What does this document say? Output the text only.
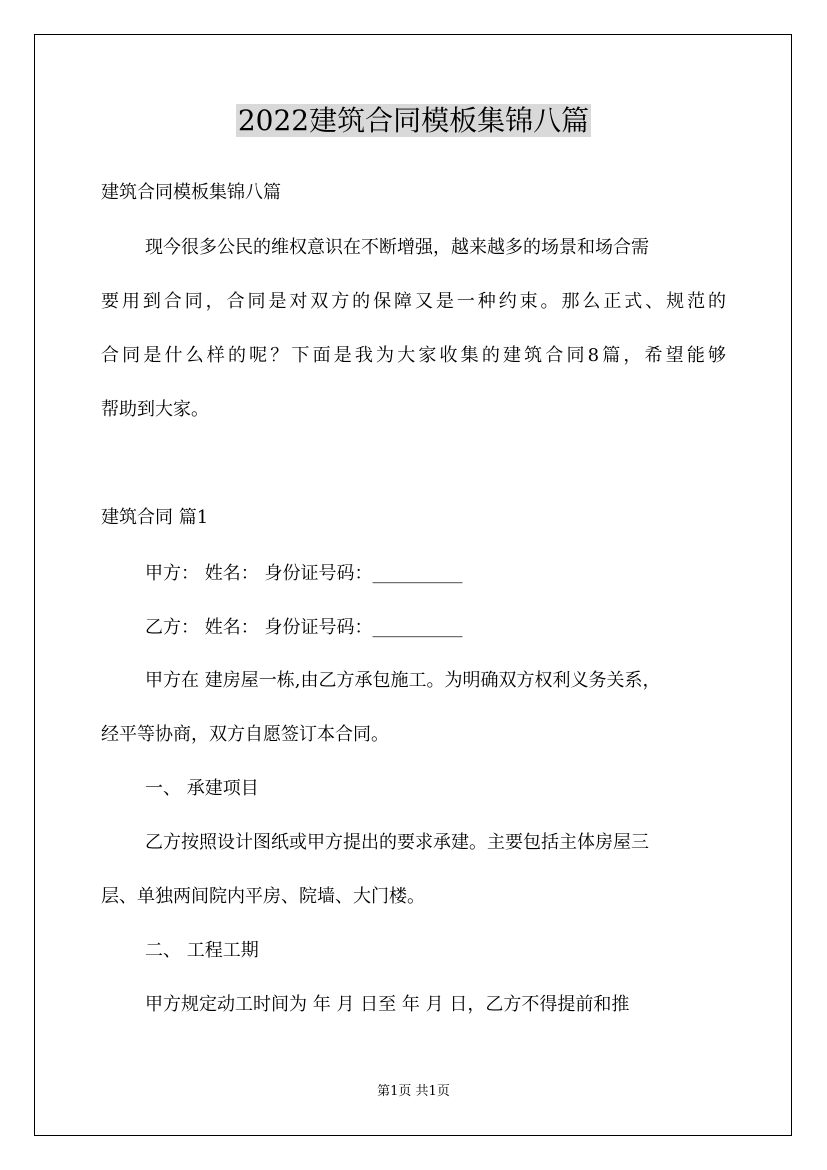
2022建筑合同模板集锦八篇
建筑合同模板集锦八篇
现今很多公民的维权意识在不断增强，越来越多的场景和场合需
要用到合同，合同是对双方的保障又是一种约束。那么正式、规范的
合同是什么样的呢？下面是我为大家收集的建筑合同8篇，希望能够
帮助到大家。
建筑合同 篇1
甲方： 姓名： 身份证号码：__________
乙方： 姓名： 身份证号码：__________
甲方在 建房屋一栋,由乙方承包施工。为明确双方权利义务关系，
经平等协商，双方自愿签订本合同。
一、 承建项目
乙方按照设计图纸或甲方提出的要求承建。主要包括主体房屋三
层、单独两间院内平房、院墙、大门楼。
二、 工程工期
甲方规定动工时间为 年 月 日至 年 月 日，乙方不得提前和推
第1页 共1页
